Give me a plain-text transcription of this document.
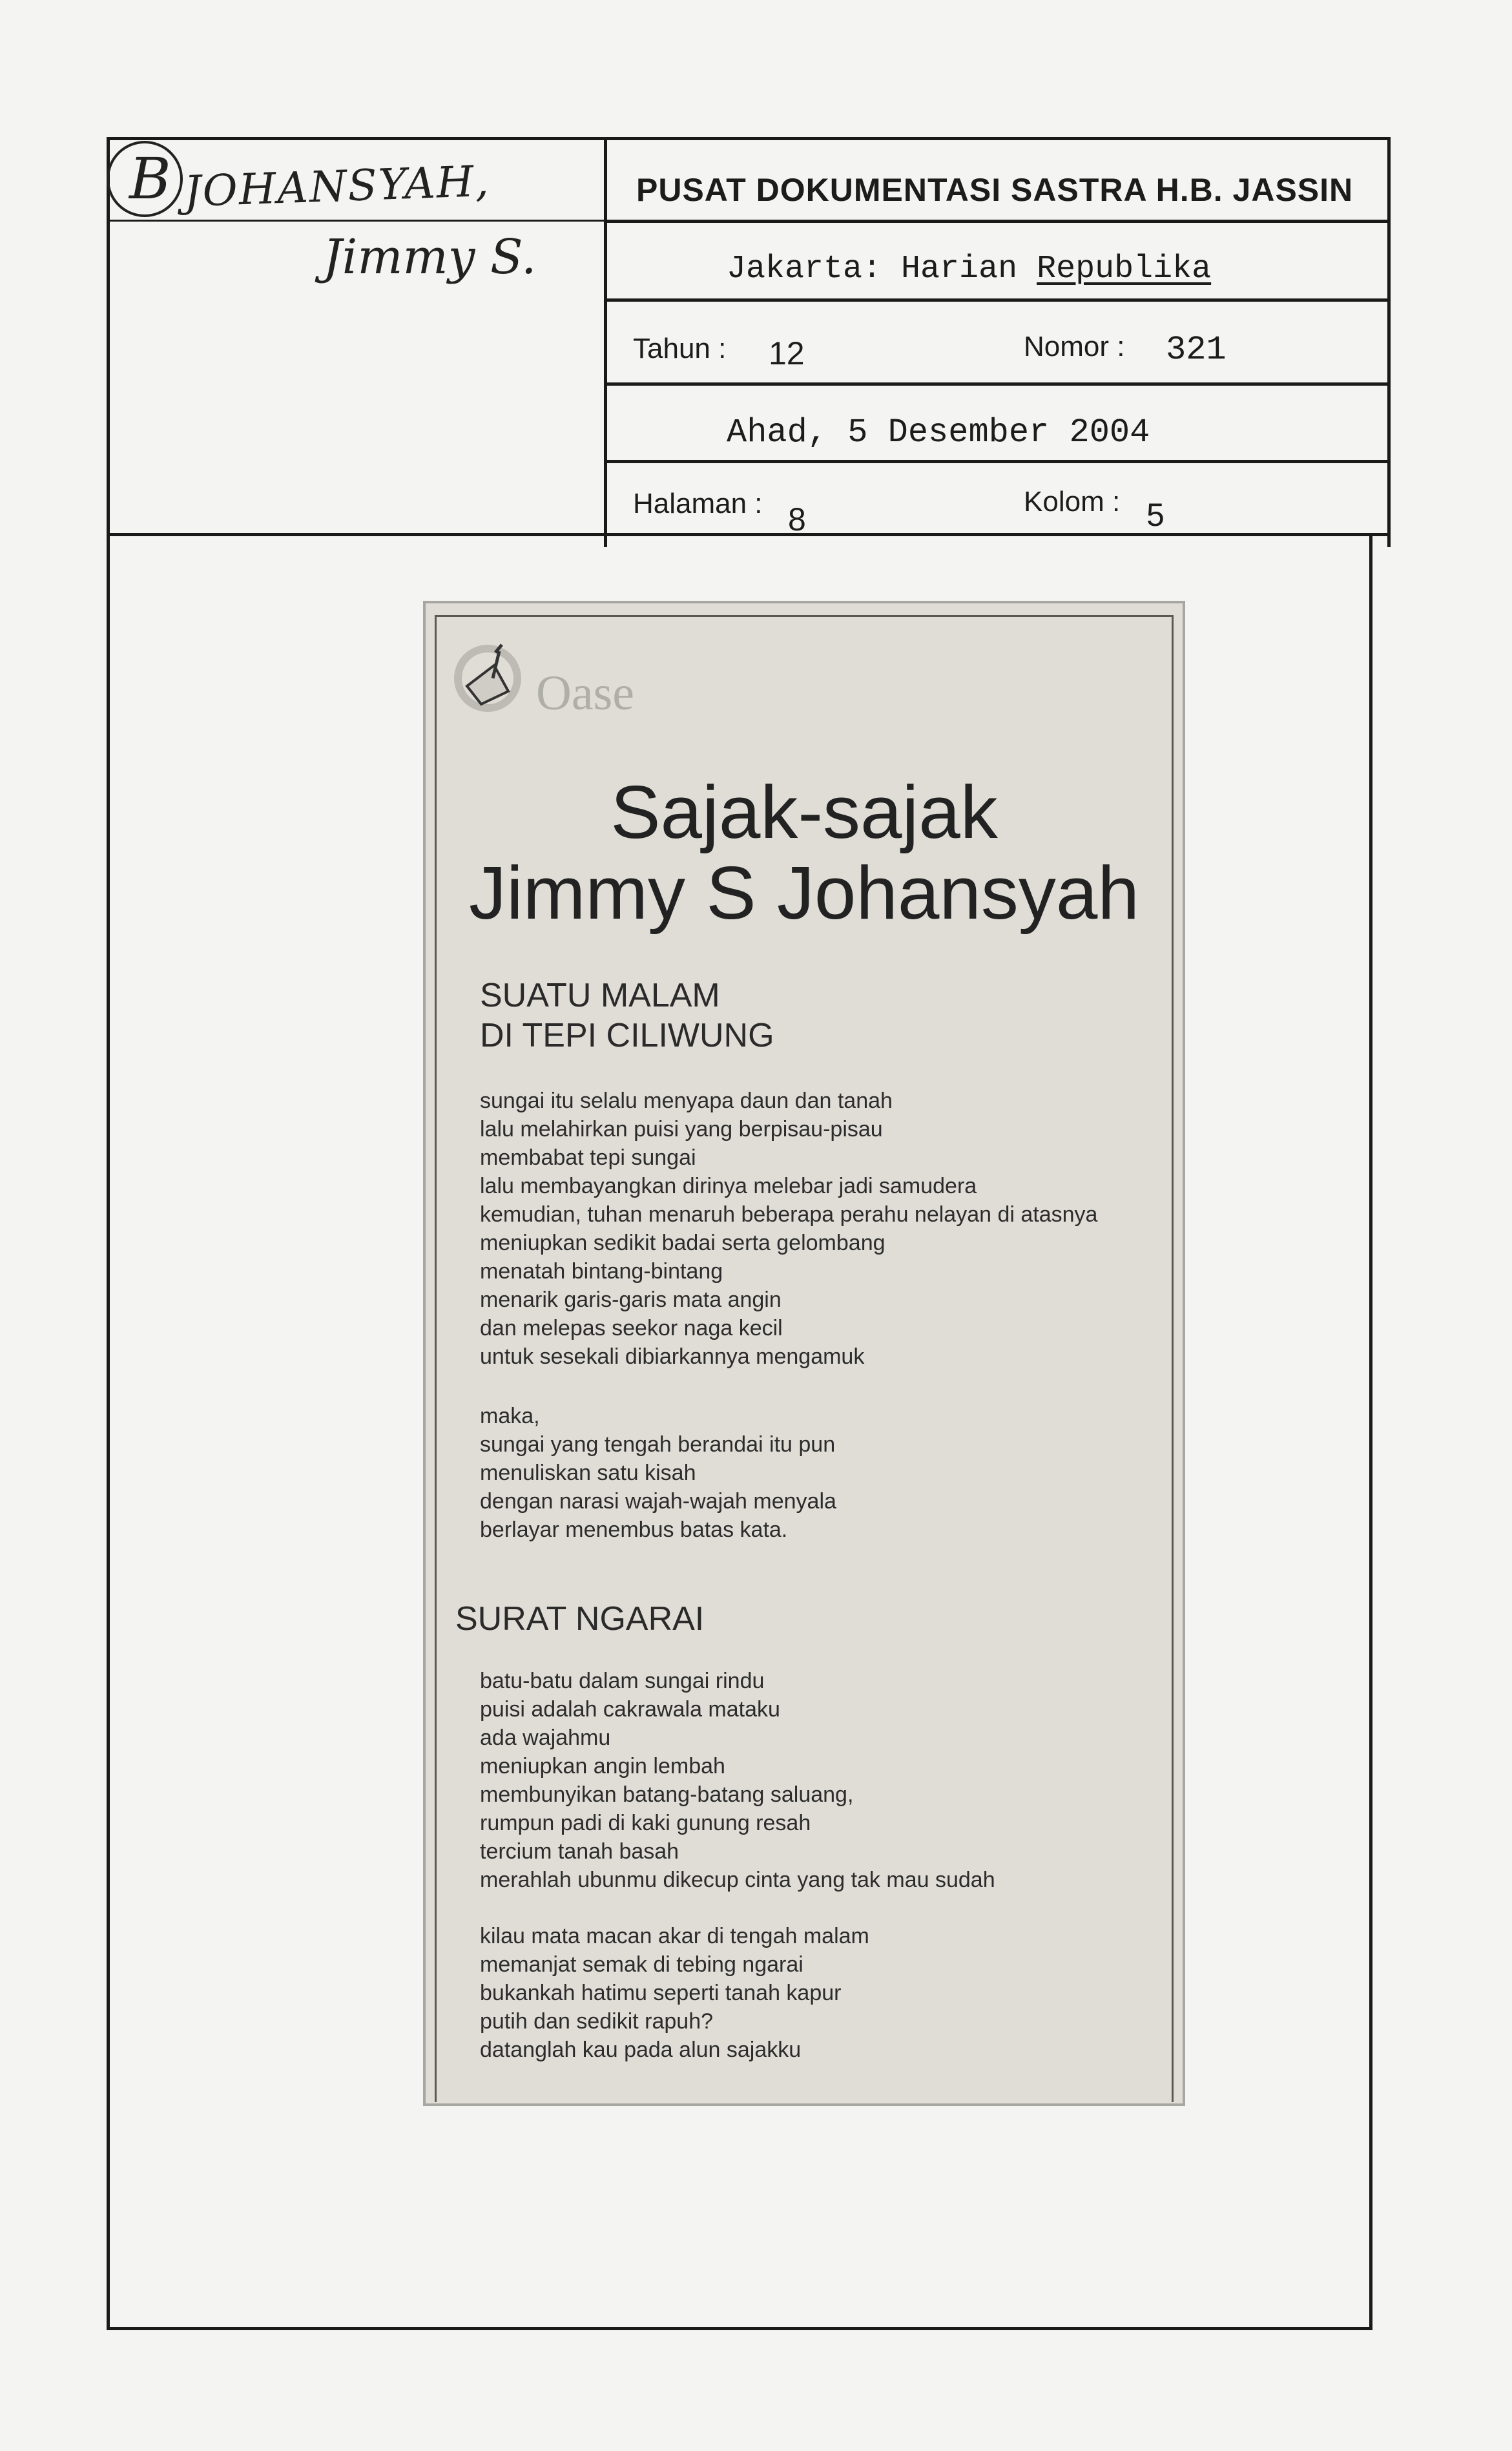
B JOHANSYAH,
Jimmy S.
PUSAT DOKUMENTASI SASTRA H.B. JASSIN
Jakarta: Harian Republika
Tahun : 12	Nomor : 321
Ahad, 5 Desember 2004
Halaman : 8	Kolom : 5
Oase
Sajak-sajak
Jimmy S Johansyah
SUATU MALAM
DI TEPI CILIWUNG
sungai itu selalu menyapa daun dan tanah
lalu melahirkan puisi yang berpisau-pisau
membabat tepi sungai
lalu membayangkan dirinya melebar jadi samudera
kemudian, tuhan menaruh beberapa perahu nelayan di atasnya
meniupkan sedikit badai serta gelombang
menatah bintang-bintang
menarik garis-garis mata angin
dan melepas seekor naga kecil
untuk sesekali dibiarkannya mengamuk
maka,
sungai yang tengah berandai itu pun
menuliskan satu kisah
dengan narasi wajah-wajah menyala
berlayar menembus batas kata.
SURAT NGARAI
batu-batu dalam sungai rindu
puisi adalah cakrawala mataku
ada wajahmu
meniupkan angin lembah
membunyikan batang-batang saluang,
rumpun padi di kaki gunung resah
tercium tanah basah
merahlah ubunmu dikecup cinta yang tak mau sudah
kilau mata macan akar di tengah malam
memanjat semak di tebing ngarai
bukankah hatimu seperti tanah kapur
putih dan sedikit rapuh?
datanglah kau pada alun sajakku
